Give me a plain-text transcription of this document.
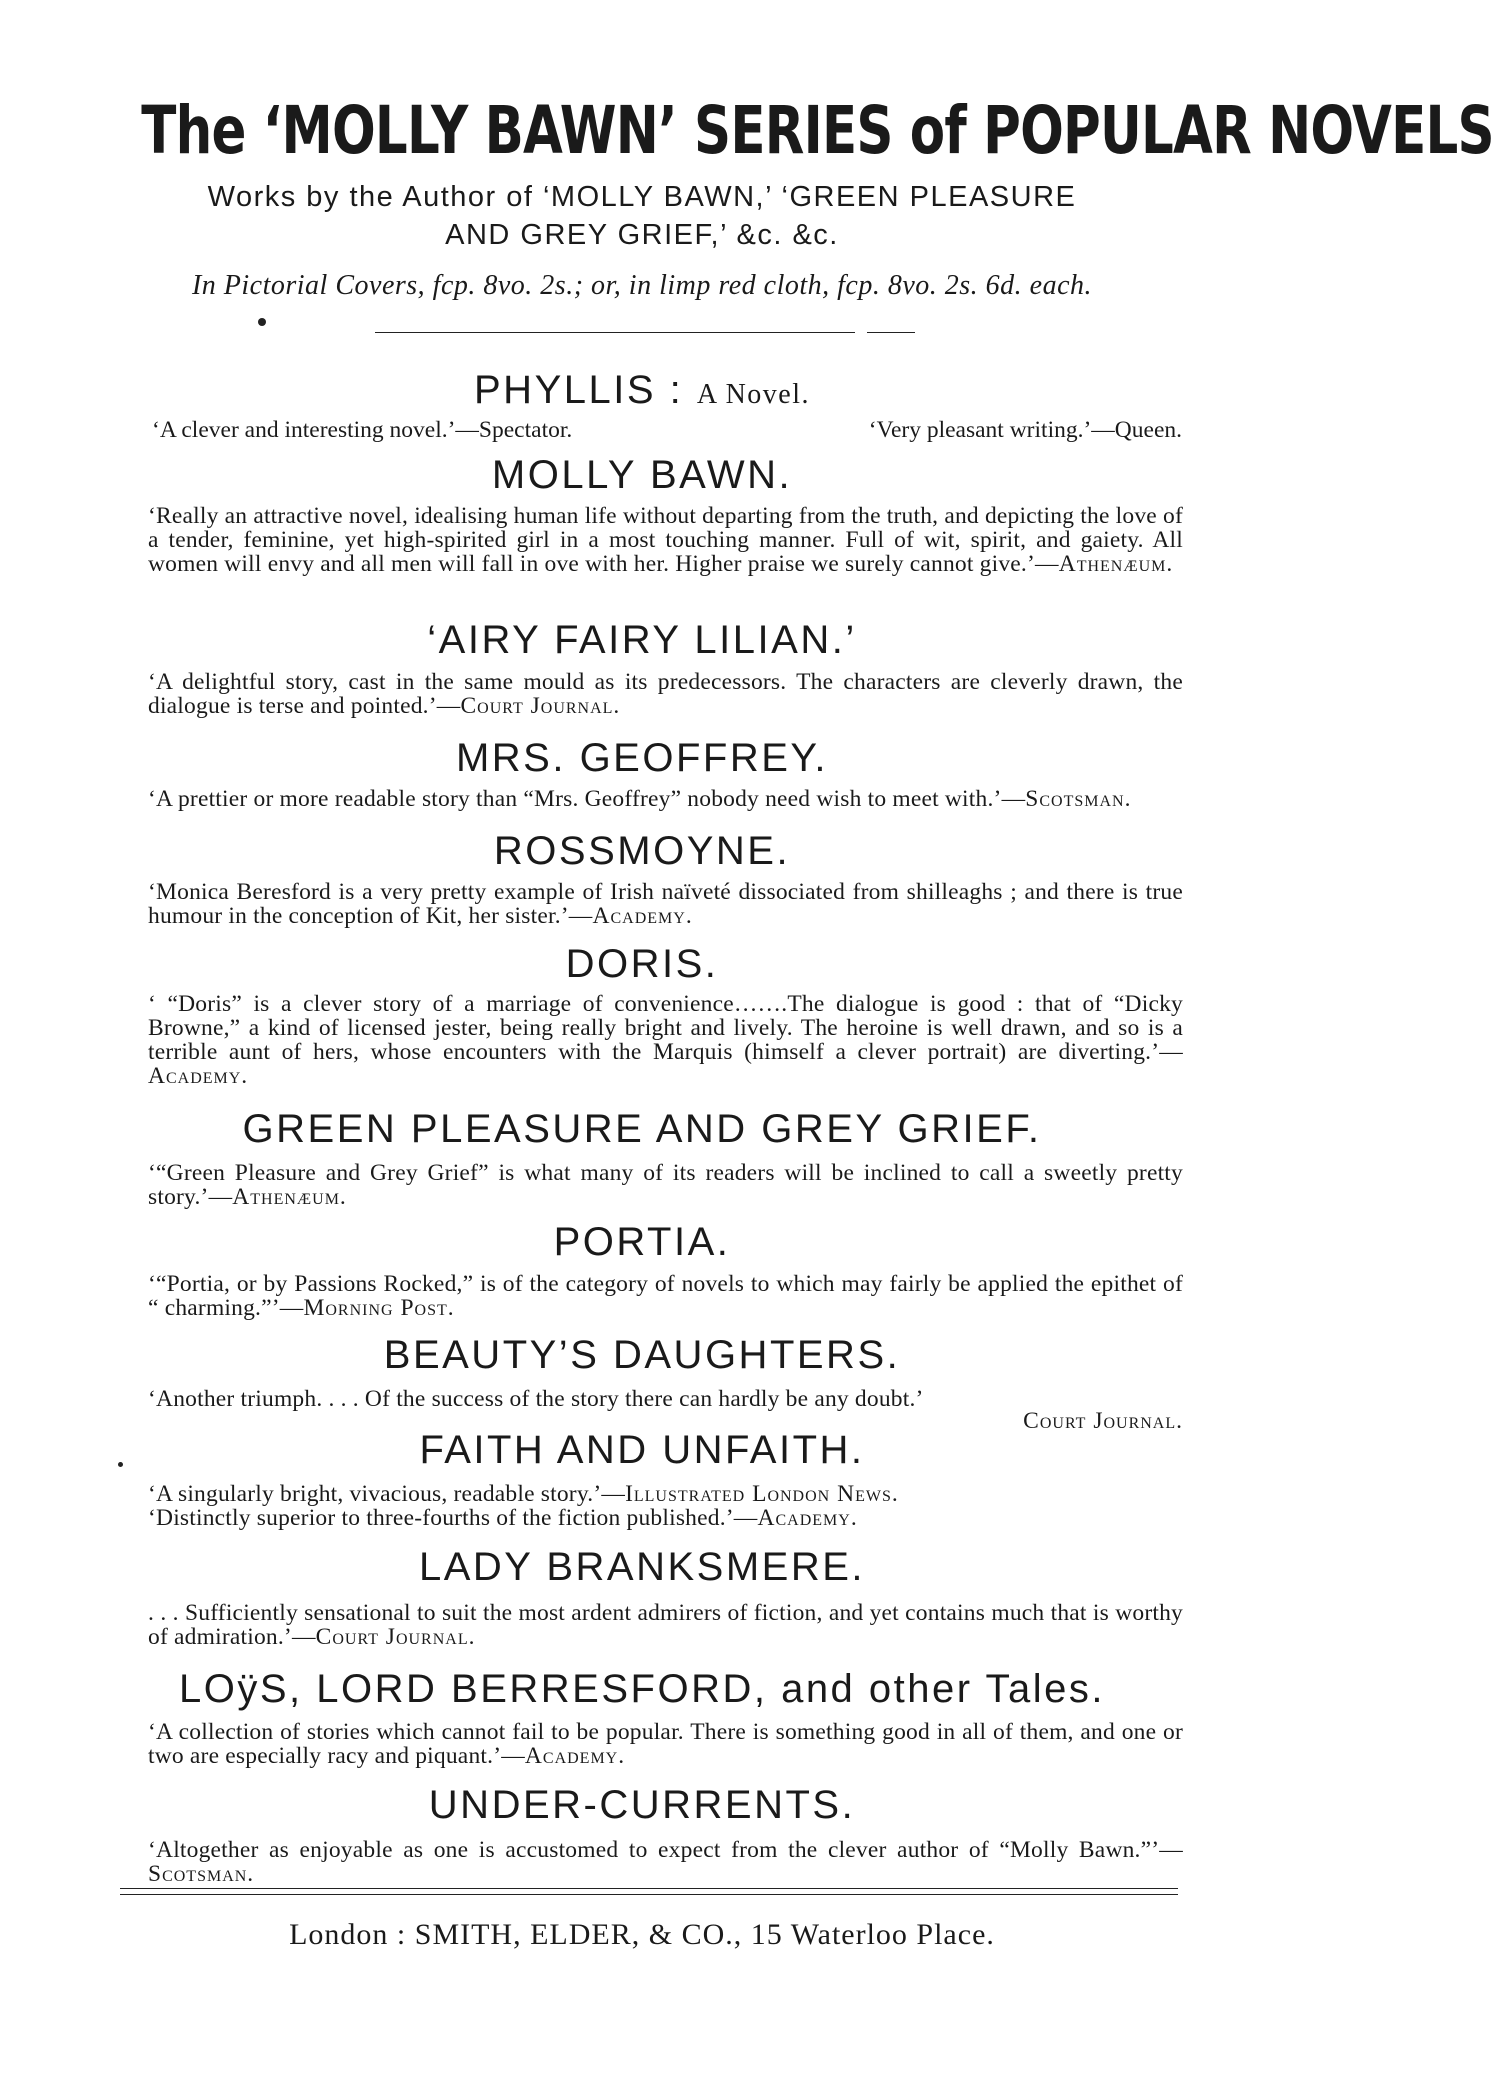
The ‘MOLLY BAWN’ SERIES of POPULAR NOVELS
Works by the Author of ‘MOLLY BAWN,’ ‘GREEN PLEASURE
AND GREY GRIEF,’ &c. &c.
In Pictorial Covers, fcp. 8vo. 2s.; or, in limp red cloth, fcp. 8vo. 2s. 6d. each.
PHYLLIS : A Novel.
‘A clever and interesting novel.’—Spectator.	‘Very pleasant writing.’—Queen.
MOLLY BAWN.
‘Really an attractive novel, idealising human life without departing from the truth, and depicting the love of a tender, feminine, yet high-spirited girl in a most touching manner. Full of wit, spirit, and gaiety. All women will envy and all men will fall in ove with her. Higher praise we surely cannot give.’—Athenæum.
‘AIRY FAIRY LILIAN.’
‘A delightful story, cast in the same mould as its predecessors. The characters are cleverly drawn, the dialogue is terse and pointed.’—Court Journal.
MRS. GEOFFREY.
‘A prettier or more readable story than “Mrs. Geoffrey” nobody need wish to meet with.’—Scotsman.
ROSSMOYNE.
‘Monica Beresford is a very pretty example of Irish naïveté dissociated from shilleaghs ; and there is true humour in the conception of Kit, her sister.’—Academy.
DORIS.
‘ “Doris” is a clever story of a marriage of convenience…….The dialogue is good : that of “Dicky Browne,” a kind of licensed jester, being really bright and lively. The heroine is well drawn, and so is a terrible aunt of hers, whose encounters with the Marquis (himself a clever portrait) are diverting.’—Academy.
GREEN PLEASURE AND GREY GRIEF.
‘“Green Pleasure and Grey Grief” is what many of its readers will be inclined to call a sweetly pretty story.’—Athenæum.
PORTIA.
‘“Portia, or by Passions Rocked,” is of the category of novels to which may fairly be applied the epithet of “ charming.”’—Morning Post.
BEAUTY’S DAUGHTERS.
‘Another triumph. . . . Of the success of the story there can hardly be any doubt.’
Court Journal.
FAITH AND UNFAITH.
‘A singularly bright, vivacious, readable story.’—Illustrated London News.
‘Distinctly superior to three-fourths of the fiction published.’—Academy.
LADY BRANKSMERE.
. . . Sufficiently sensational to suit the most ardent admirers of fiction, and yet contains much that is worthy of admiration.’—Court Journal.
LOÿS, LORD BERRESFORD, and other Tales.
‘A collection of stories which cannot fail to be popular. There is something good in all of them, and one or two are especially racy and piquant.’—Academy.
UNDER-CURRENTS.
‘Altogether as enjoyable as one is accustomed to expect from the clever author of “Molly Bawn.”’—Scotsman.
London : SMITH, ELDER, & CO., 15 Waterloo Place.
